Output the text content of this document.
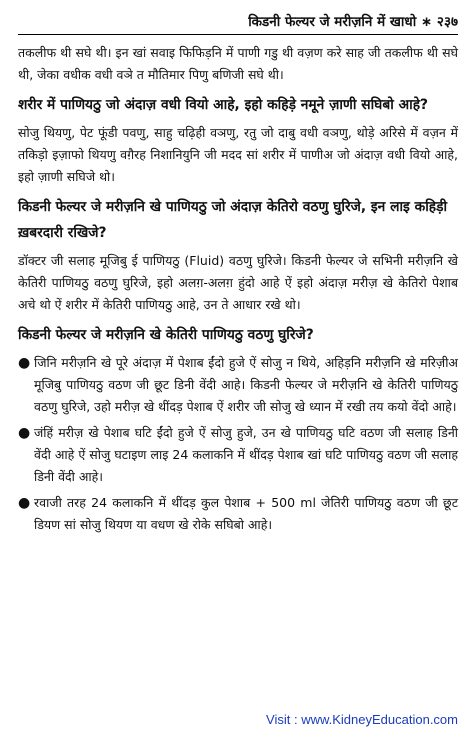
किडनी फेल्यर जे मरीज़नि में खाधो ∗ २३७

तकलीफ थी सघे थी। इन खां सवाइ फिफिड़नि में पाणी गडु थी वज़ण करे साह जी तकलीफ थी सघे थी, जेका वधीक वधी वञे त मौतिमार पिणु बणिजी सघे थी।

शरीर में पाणियठु जो अंदाज़ वधी वियो आहे, इहो कहिड़े नमूने ज़ाणी सघिबो आहे?

सोजु थियणु, पेट फूंडी पवणु, साहु चढ़िही वञणु, रतु जो दाबु वधी वञणु, थोड़े अरिसे में वज़न में तकिड़ो इज़ाफो थियणु वग़ैरह निशानियुनि जी मदद सां शरीर में पाणीअ जो अंदाज़ वधी वियो आहे, इहो ज़ाणी सघिजे थो।

किडनी फेल्यर जे मरीज़नि खे पाणियठु जो अंदाज़ केतिरो वठणु घुरिजे, इन लाइ कहिड़ी ख़बरदारी रखिजे?

डॉक्टर जी सलाह मूजिबु ई पाणियठु (Fluid) वठणु घुरिजे। किडनी फेल्यर जे सभिनी मरीज़नि खे केतिरी पाणियठु वठणु घुरिजे, इहो अलग़-अलग़ हुंदो आहे ऐं इहो अंदाज़ मरीज़ खे केतिरो पेशाब अचे थो ऐं शरीर में केतिरी पाणियठु आहे, उन ते आधार रखे थो।

किडनी फेल्यर जे मरीज़नि खे केतिरी पाणियठु वठणु घुरिजे?
● जिनि मरीज़नि खे पूरे अंदाज़ में पेशाब ईंदो हुजे ऐं सोजु न थिये, अहिड़नि मरीज़नि खे मरिज़ीअ मूजिबु पाणियठु वठण जी छूट डिनी वेंदी आहे। किडनी फेल्यर जे मरीज़नि खे केतिरी पाणियठु वठणु घुरिजे, उहो मरीज़ खे थींदड़ पेशाब ऐं शरीर जी सोजु खे ध्यान में रखी तय कयो वेंदो आहे।
● जंहिं मरीज़ खे पेशाब घटि ईंदो हुजे ऐं सोजु हुजे, उन खे पाणियठु घटि वठण जी सलाह डिनी वेंदी आहे ऐं सोजु घटाइण लाइ 24 कलाकनि में थींदड़ पेशाब खां घटि पाणियठु वठण जी सलाह डिनी वेंदी आहे।
● रवाजी तरह 24 कलाकनि में थींदड़ कुल पेशाब + 500 ml जेतिरी पाणियठु वठण जी छूट डियण सां सोजु थियण या वधण खे रोके सघिबो आहे।
Visit : www.KidneyEducation.com
